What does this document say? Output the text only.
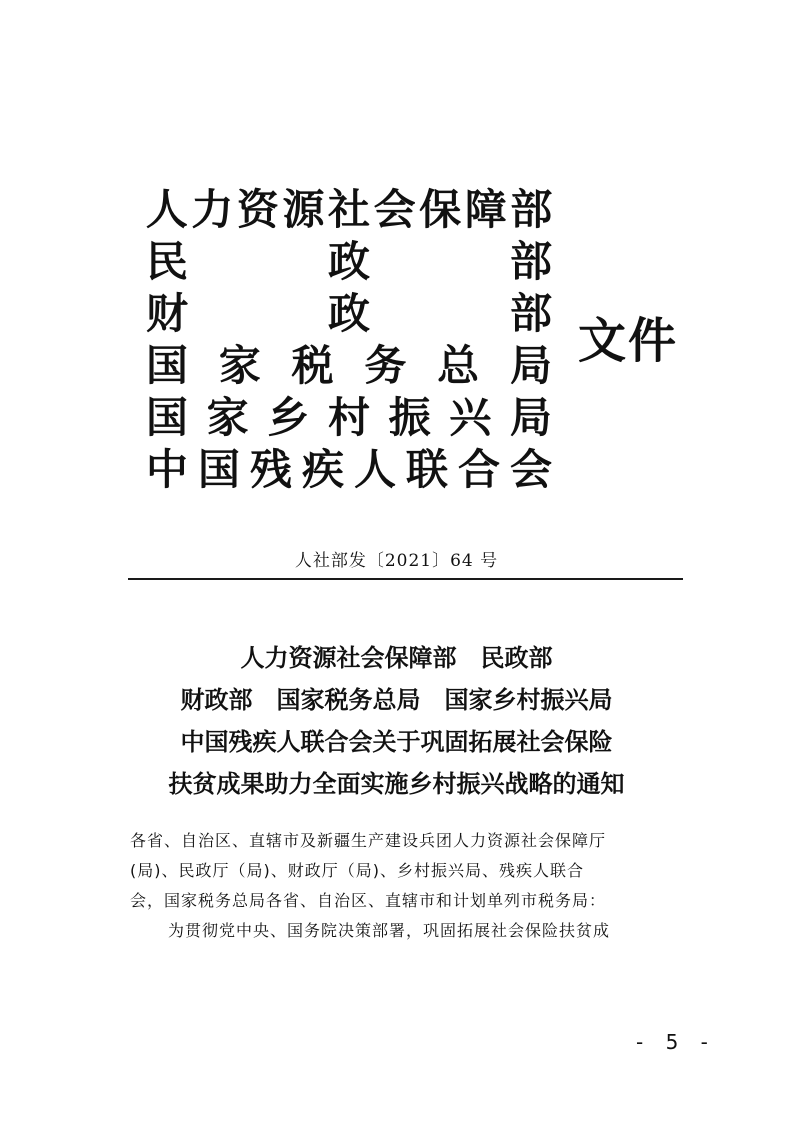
人 力 资 源 社 会 保 障 部
民	政	部
财	政	部
国 家 税 务 总 局
国 家 乡 村 振 兴 局
中 国 残 疾 人 联 合 会
文件
人社部发〔2021〕64 号
人力资源社会保障部　民政部
财政部　国家税务总局　国家乡村振兴局
中国残疾人联合会关于巩固拓展社会保险
扶贫成果助力全面实施乡村振兴战略的通知

各省、自治区、直辖市及新疆生产建设兵团人力资源社会保障厅

(局)、民政厅（局)、财政厅（局)、乡村振兴局、残疾人联合

会，国家税务总局各省、自治区、直辖市和计划单列市税务局：

为贯彻党中央、国务院决策部署，巩固拓展社会保险扶贫成

- 5 -
